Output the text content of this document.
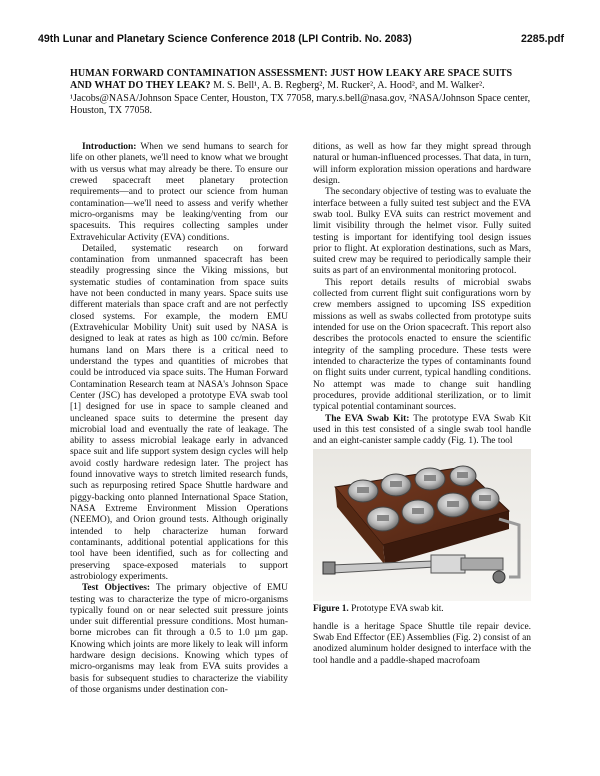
49th Lunar and Planetary Science Conference 2018 (LPI Contrib. No. 2083)	2285.pdf
HUMAN FORWARD CONTAMINATION ASSESSMENT: JUST HOW LEAKY ARE SPACE SUITS AND WHAT DO THEY LEAK? M. S. Bell¹, A. B. Regberg², M. Rucker², A. Hood², and M. Walker². ¹Jacobs@NASA/Johnson Space Center, Houston, TX 77058, mary.s.bell@nasa.gov, ²NASA/Johnson Space center, Houston, TX 77058.

Introduction: When we send humans to search for life on other planets, we'll need to know what we brought with us versus what may already be there. To ensure our crewed spacecraft meet planetary protection requirements—and to protect our science from human contamination—we'll need to assess and verify whether micro-organisms may be leaking/venting from our spacesuits. This requires collecting samples under Extravehicular Activity (EVA) conditions.

Detailed, systematic research on forward contamination from unmanned spacecraft has been steadily progressing since the Viking missions, but systematic studies of contamination from space suits have not been conducted in many years. Space suits use different materials than space craft and are not perfectly closed systems. For example, the modern EMU (Extravehicular Mobility Unit) suit used by NASA is designed to leak at rates as high as 100 cc/min. Before humans land on Mars there is a critical need to understand the types and quantities of microbes that could be introduced via space suits. The Human Forward Contamination Research team at NASA's Johnson Space Center (JSC) has developed a prototype EVA swab tool [1] designed for use in space to sample cleaned and uncleaned space suits to determine the present day microbial load and eventually the rate of leakage. The ability to assess microbial leakage early in advanced space suit and life support system design cycles will help avoid costly hardware redesign later. The project has found innovative ways to stretch limited research funds, such as repurposing retired Space Shuttle hardware and piggy-backing onto planned International Space Station, NASA Extreme Environment Mission Operations (NEEMO), and Orion ground tests. Although originally intended to help characterize human forward contaminants, additional potential applications for this tool have been identified, such as for collecting and preserving space-exposed materials to support astrobiology experiments.

Test Objectives: The primary objective of EMU testing was to characterize the type of micro-organisms typically found on or near selected suit pressure joints under suit differential pressure conditions. Most human-borne microbes can fit through a 0.5 to 1.0 µm gap. Knowing which joints are more likely to leak will inform hardware design decisions. Knowing which types of micro-organisms may leak from EVA suits provides a basis for subsequent studies to characterize the viability of those organisms under destination con-

ditions, as well as how far they might spread through natural or human-influenced processes. That data, in turn, will inform exploration mission operations and hardware design.

The secondary objective of testing was to evaluate the interface between a fully suited test subject and the EVA swab tool. Bulky EVA suits can restrict movement and limit visibility through the helmet visor. Fully suited testing is important for identifying tool design issues prior to flight. At exploration destinations, such as Mars, suited crew may be required to periodically sample their suits as part of an environmental monitoring protocol.

This report details results of microbial swabs collected from current flight suit configurations worn by crew members assigned to upcoming ISS expedition missions as well as swabs collected from prototype suits intended for use on the Orion spacecraft. This report also describes the protocols enacted to ensure the scientific integrity of the sampling procedure. These tests were intended to characterize the types of contaminants found on flight suits under current, typical handling conditions. No attempt was made to change suit handling procedures, provide additional sterilization, or to limit typical potential contaminant sources.

The EVA Swab Kit: The prototype EVA Swab Kit used in this test consisted of a single swab tool handle and an eight-canister sample caddy (Fig. 1). The tool

Figure 1. Prototype EVA swab kit.

handle is a heritage Space Shuttle tile repair device. Swab End Effector (EE) Assemblies (Fig. 2) consist of an anodized aluminum holder designed to interface with the tool handle and a paddle-shaped macrofoam
